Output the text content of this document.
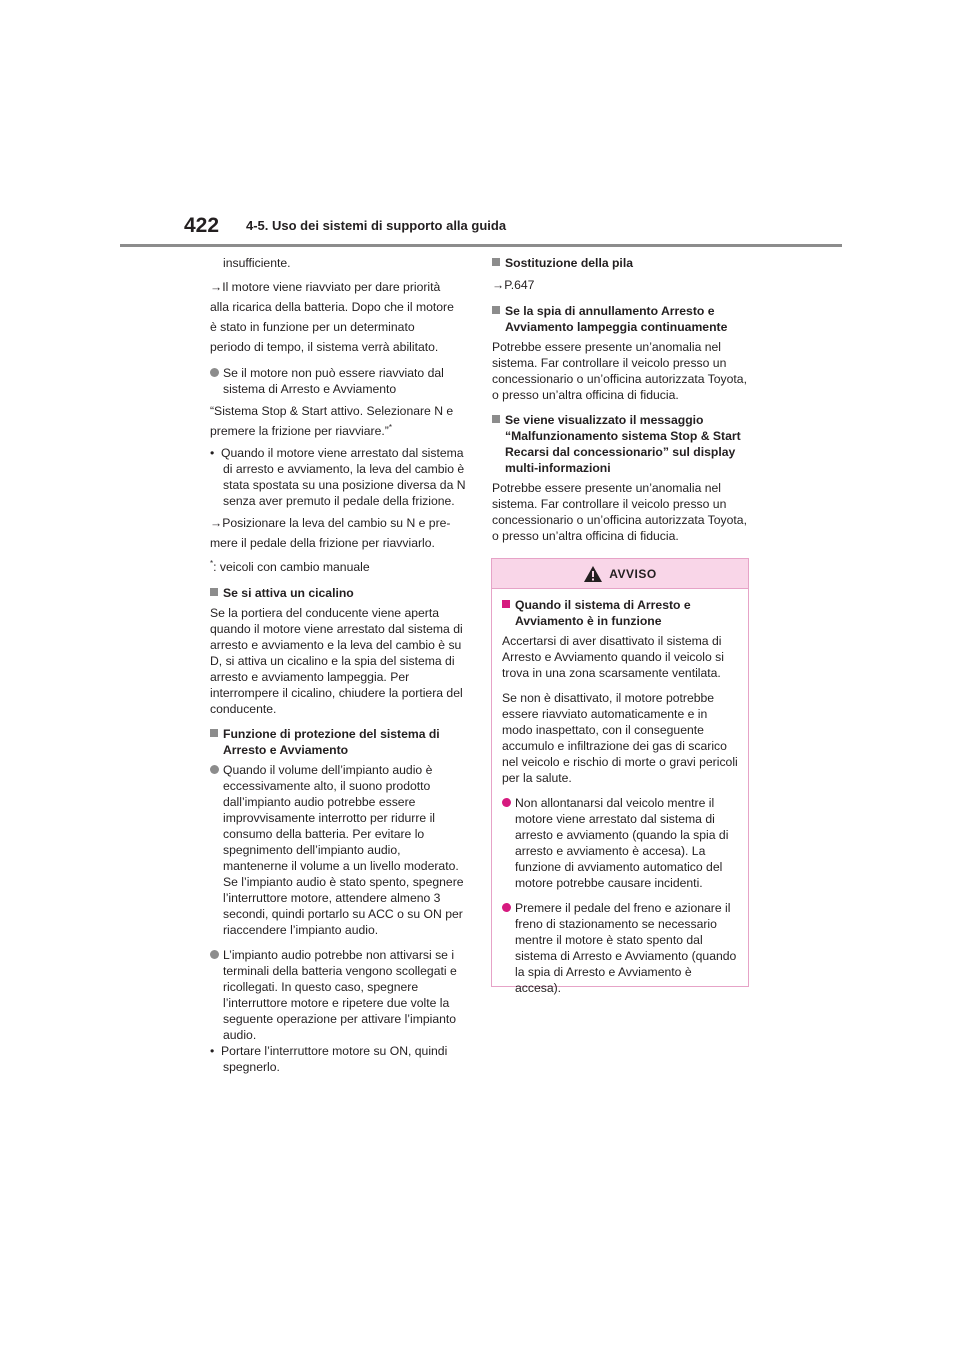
422 4-5. Uso dei sistemi di supporto alla guida

insufficiente.

→Il motore viene riavviato per dare priorità
alla ricarica della batteria. Dopo che il motore
è stato in funzione per un determinato
periodo di tempo, il sistema verrà abilitato.

Se il motore non può essere riavviato dal sistema di Arresto e Avviamento

“Sistema Stop & Start attivo. Selezionare N e
premere la frizione per riavviare.”*

•  Quando il motore viene arrestato dal sistema di arresto e avviamento, la leva del cambio è stata spostata su una posizione diversa da N senza aver premuto il pedale della frizione.

→Posizionare la leva del cambio su N e pre-
mere il pedale della frizione per riavviarlo.

*: veicoli con cambio manuale

Se si attiva un cicalino

Se la portiera del conducente viene aperta quando il motore viene arrestato dal sistema di arresto e avviamento e la leva del cambio è su D, si attiva un cicalino e la spia del sistema di arresto e avviamento lampeggia. Per interrompere il cicalino, chiudere la portiera del conducente.

Funzione di protezione del sistema di Arresto e Avviamento

Quando il volume dell’impianto audio è eccessivamente alto, il suono prodotto dall’impianto audio potrebbe essere improvvisamente interrotto per ridurre il consumo della batteria. Per evitare lo spegnimento dell’impianto audio, mantenerne il volume a un livello moderato. Se l’impianto audio è stato spento, spegnere l’interruttore motore, attendere almeno 3 secondi, quindi portarlo su ACC o su ON per riaccendere l’impianto audio.

L’impianto audio potrebbe non attivarsi se i terminali della batteria vengono scollegati e ricollegati. In questo caso, spegnere l’interruttore motore e ripetere due volte la seguente operazione per attivare l’impianto audio.

•  Portare l’interruttore motore su ON, quindi spegnerlo.

Sostituzione della pila

→P.647

Se la spia di annullamento Arresto e Avviamento lampeggia continuamente

Potrebbe essere presente un’anomalia nel sistema. Far controllare il veicolo presso un concessionario o un’officina autorizzata Toyota, o presso un’altra officina di fiducia.

Se viene visualizzato il messaggio “Malfunzionamento sistema Stop & Start Recarsi dal concessionario” sul display multi-informazioni

Potrebbe essere presente un’anomalia nel sistema. Far controllare il veicolo presso un concessionario o un’officina autorizzata Toyota, o presso un’altra officina di fiducia.

AVVISO

Quando il sistema di Arresto e Avviamento è in funzione

Accertarsi di aver disattivato il sistema di Arresto e Avviamento quando il veicolo si trova in una zona scarsamente ventilata.

Se non è disattivato, il motore potrebbe essere riavviato automaticamente e in modo inaspettato, con il conseguente accumulo e infiltrazione dei gas di scarico nel veicolo e rischio di morte o gravi pericoli per la salute.

Non allontanarsi dal veicolo mentre il motore viene arrestato dal sistema di arresto e avviamento (quando la spia di arresto e avviamento è accesa). La funzione di avviamento automatico del motore potrebbe causare incidenti.

Premere il pedale del freno e azionare il freno di stazionamento se necessario mentre il motore è stato spento dal sistema di Arresto e Avviamento (quando la spia di Arresto e Avviamento è accesa).
